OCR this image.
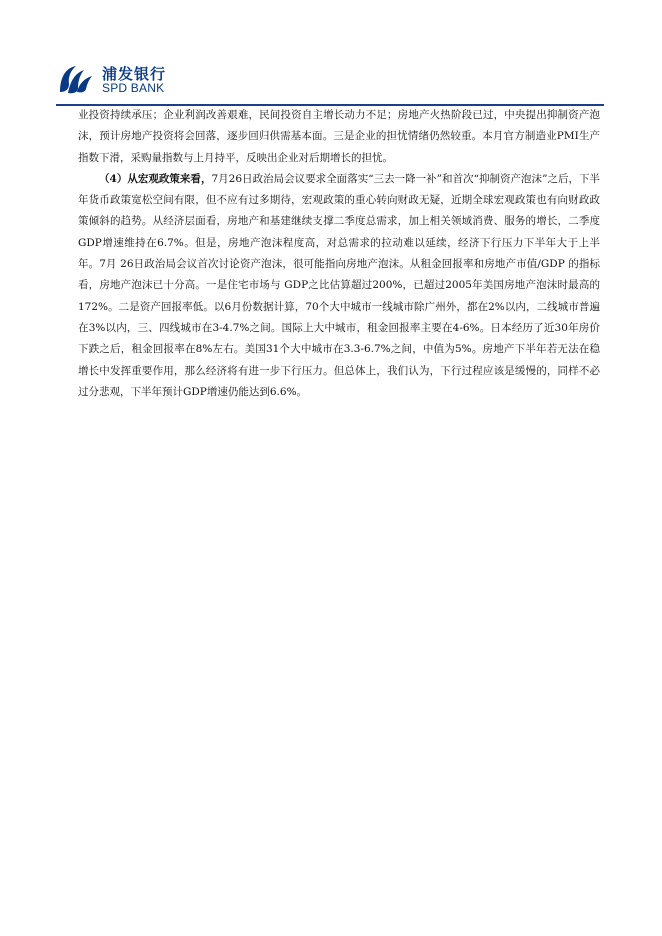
浦发银行
SPD BANK

业投资持续承压；企业利润改善艰难，民间投资自主增长动力不足；房地产火热阶段已过，中央提出抑制资产泡沫，预计房地产投资将会回落，逐步回归供需基本面。三是企业的担忧情绪仍然较重。本月官方制造业PMI生产指数下滑，采购量指数与上月持平，反映出企业对后期增长的担忧。

（4）从宏观政策来看，7月26日政治局会议要求全面落实“三去一降一补”和首次“抑制资产泡沫”之后，下半年货币政策宽松空间有限，但不应有过多期待，宏观政策的重心转向财政无疑，近期全球宏观政策也有向财政政策倾斜的趋势。从经济层面看，房地产和基建继续支撑二季度总需求，加上相关领域消费、服务的增长，二季度GDP增速维持在6.7%。但是，房地产泡沫程度高，对总需求的拉动难以延续，经济下行压力下半年大于上半年。7月 26日政治局会议首次讨论资产泡沫，很可能指向房地产泡沫。从租金回报率和房地产市值/GDP 的指标看，房地产泡沫已十分高。一是住宅市场与 GDP之比估算超过200%，已超过2005年美国房地产泡沫时最高的172%。二是资产回报率低。以6月份数据计算，70个大中城市一线城市除广州外，都在2%以内，二线城市普遍在3%以内，三、四线城市在3-4.7%之间。国际上大中城市，租金回报率主要在4-6%。日本经历了近30年房价下跌之后，租金回报率在8%左右。美国31个大中城市在3.3-6.7%之间，中值为5%。房地产下半年若无法在稳增长中发挥重要作用，那么经济将有进一步下行压力。但总体上，我们认为，下行过程应该是缓慢的，同样不必过分悲观，下半年预计GDP增速仍能达到6.6%。
